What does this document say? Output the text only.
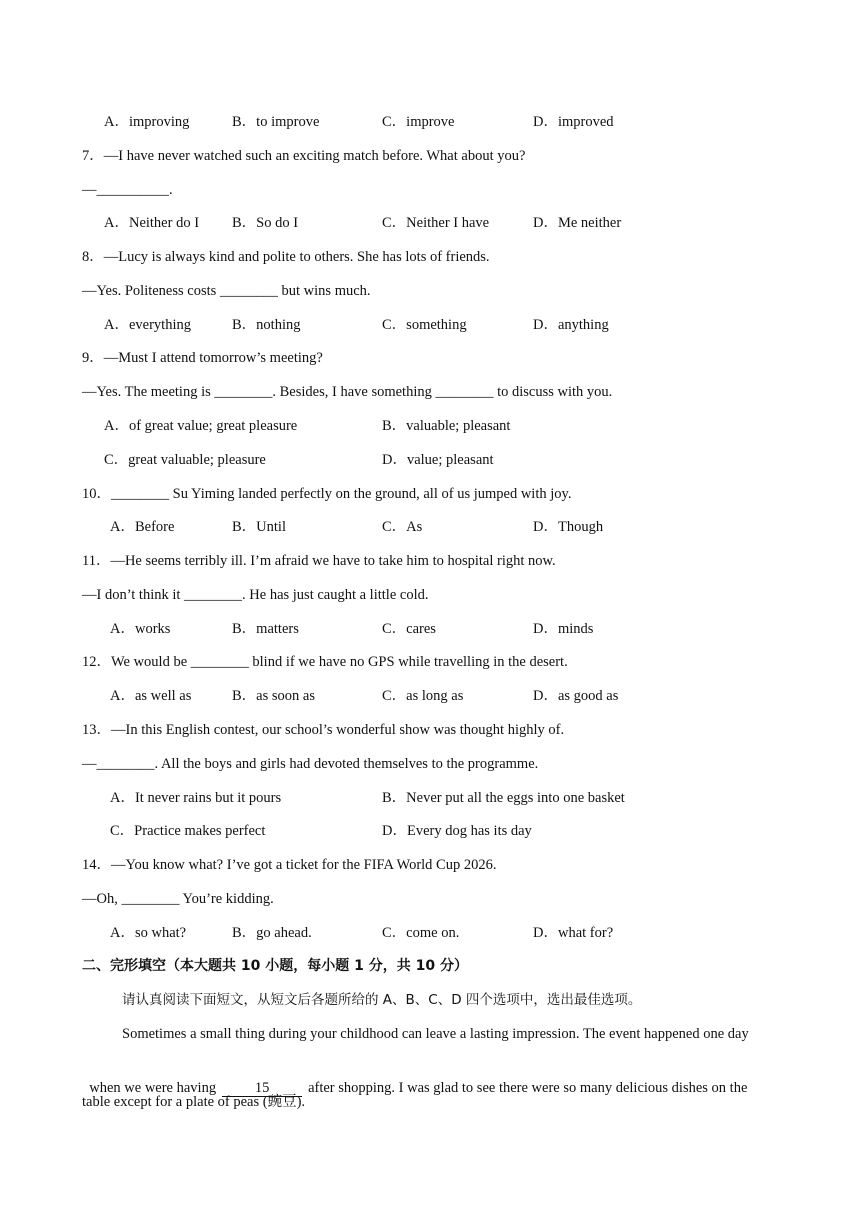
A．improving	B．to improve	C．improve	D．improved
7．—I have never watched such an exciting match before. What about you?
—__________.
A．Neither do I B．So do I	C．Neither I have	D．Me neither
8．—Lucy is always kind and polite to others. She has lots of friends.
—Yes. Politeness costs ________ but wins much.
A．everything	B．nothing	C．something	D．anything
9．—Must I attend tomorrow’s meeting?
—Yes. The meeting is ________. Besides, I have something ________ to discuss with you.
A．of great value; great pleasure	B．valuable; pleasant
C．great valuable; pleasure	D．value; pleasant
10．________ Su Yiming landed perfectly on the ground, all of us jumped with joy.
A．Before	B．Until	C．As	D．Though
11．—He seems terribly ill. I’m afraid we have to take him to hospital right now.
—I don’t think it ________. He has just caught a little cold.
A．works	B．matters	C．cares	D．minds
12．We would be ________ blind if we have no GPS while travelling in the desert.
A．as well as	B．as soon as	C．as long as	D．as good as
13．—In this English contest, our school’s wonderful show was thought highly of.
—________. All the boys and girls had devoted themselves to the programme.
A．It never rains but it pours	B．Never put all the eggs into one basket
C．Practice makes perfect	D．Every dog has its day
14．—You know what? I’ve got a ticket for the FIFA World Cup 2026.
—Oh, ________ You’re kidding.
A．so what?	B．go ahead.	C．come on.	D．what for?
二、完形填空（本大题共 10 小题，每小题 1 分，共 10 分）
请认真阅读下面短文，从短文后各题所给的 A、B、C、D 四个选项中，选出最佳选项。
Sometimes a small thing during your childhood can leave a lasting impression. The event happened one day

when we were having	15	after shopping. I was glad to see there were so many delicious dishes on the

table except for a plate of peas (豌豆).
